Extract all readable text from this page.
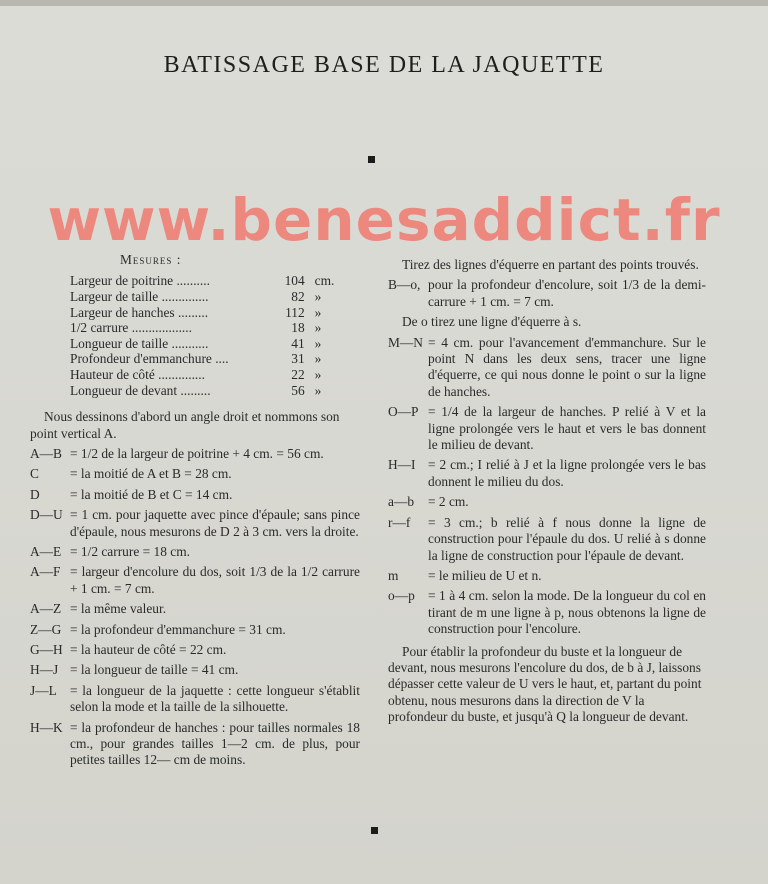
BATISSAGE BASE DE LA JAQUETTE
www.benesaddict.fr
Mesures :
Largeur de poitrine ..........	104 cm.
Largeur de taille ..............	82 »
Largeur de hanches .........	112 »
1/2 carrure ..................	18 »
Longueur de taille ...........	41 »
Profondeur d'emmanchure ....	31 »
Hauteur de côté ..............	22 »
Longueur de devant .........	56 »
Nous dessinons d'abord un angle droit et nommons son point vertical A.
A—B = 1/2 de la largeur de poitrine + 4 cm. = 56 cm.
C	= la moitié de A et B = 28 cm.
D	= la moitié de B et C = 14 cm.
D—U = 1 cm. pour jaquette avec pince d'épaule; sans pince d'épaule, nous mesurons de D 2 à 3 cm. vers la droite.
A—E = 1/2 carrure = 18 cm.
A—F = largeur d'encolure du dos, soit 1/3 de la 1/2 carrure + 1 cm. = 7 cm.
A—Z = la même valeur.
Z—G = la profondeur d'emmanchure = 31 cm.
G—H = la hauteur de côté = 22 cm.
H—J = la longueur de taille = 41 cm.
J—L = la longueur de la jaquette : cette longueur s'établit selon la mode et la taille de la silhouette.
H—K = la profondeur de hanches : pour tailles normales 18 cm., pour grandes tailles 1—2 cm. de plus, pour petites tailles 12— cm de moins.
Tirez des lignes d'équerre en partant des points trouvés.
B—o, pour la profondeur d'encolure, soit 1/3 de la demi-carrure + 1 cm. = 7 cm.
De o tirez une ligne d'équerre à s.
M—N = 4 cm. pour l'avancement d'emmanchure. Sur le point N dans les deux sens, tracer une ligne d'équerre, ce qui nous donne le point o sur la ligne de hanches.
O—P = 1/4 de la largeur de hanches. P relié à V et la ligne prolongée vers le haut et vers le bas donnent le milieu de devant.
H—I = 2 cm.; I relié à J et la ligne prolongée vers le bas donnent le milieu du dos.
a—b	= 2 cm.
r—f	= 3 cm.; b relié à f nous donne la ligne de construction pour l'épaule du dos. U relié à s donne la ligne de construction pour l'épaule de devant.
m	= le milieu de U et n.
o—p = 1 à 4 cm. selon la mode. De la longueur du col en tirant de m une ligne à p, nous obtenons la ligne de construction pour l'encolure.
Pour établir la profondeur du buste et la longueur de devant, nous mesurons l'encolure du dos, de b à J, laissons dépasser cette valeur de U vers le haut, et, partant du point obtenu, nous mesurons dans la direction de V la profondeur du buste, et jusqu'à Q la longueur de devant.
